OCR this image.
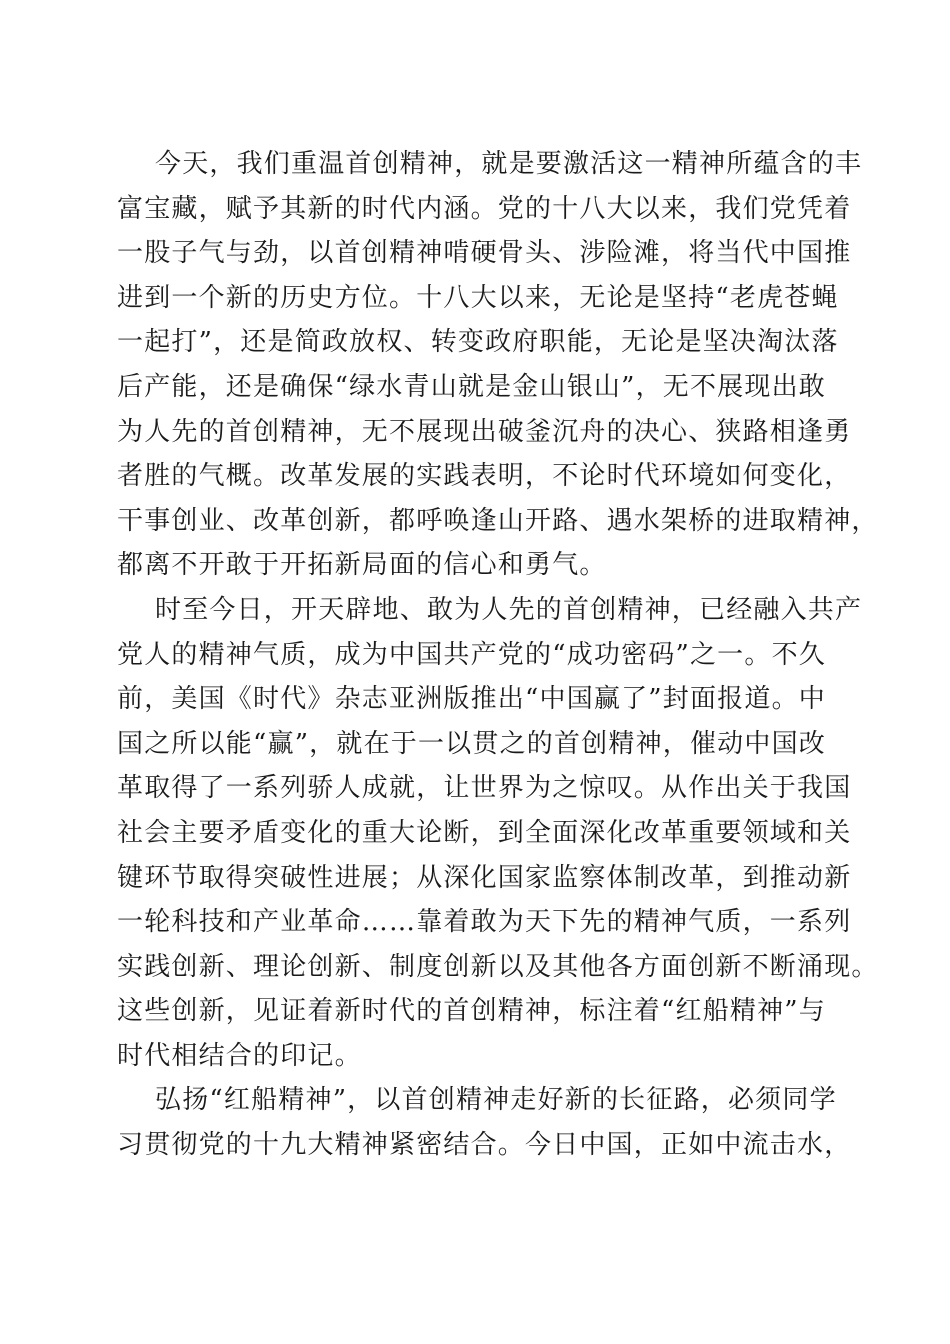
今天，我们重温首创精神，就是要激活这一精神所蕴含的丰
富宝藏，赋予其新的时代内涵。党的十八大以来，我们党凭着
一股子气与劲，以首创精神啃硬骨头、涉险滩，将当代中国推
进到一个新的历史方位。十八大以来，无论是坚持“老虎苍蝇
一起打”，还是简政放权、转变政府职能，无论是坚决淘汰落
后产能，还是确保“绿水青山就是金山银山”，无不展现出敢
为人先的首创精神，无不展现出破釜沉舟的决心、狭路相逢勇
者胜的气概。改革发展的实践表明，不论时代环境如何变化，
干事创业、改革创新，都呼唤逢山开路、遇水架桥的进取精神，
都离不开敢于开拓新局面的信心和勇气。
时至今日，开天辟地、敢为人先的首创精神，已经融入共产
党人的精神气质，成为中国共产党的“成功密码”之一。不久
前，美国《时代》杂志亚洲版推出“中国赢了”封面报道。中
国之所以能“赢”，就在于一以贯之的首创精神，催动中国改
革取得了一系列骄人成就，让世界为之惊叹。从作出关于我国
社会主要矛盾变化的重大论断，到全面深化改革重要领域和关
键环节取得突破性进展；从深化国家监察体制改革，到推动新
一轮科技和产业革命……靠着敢为天下先的精神气质，一系列
实践创新、理论创新、制度创新以及其他各方面创新不断涌现。
这些创新，见证着新时代的首创精神，标注着“红船精神”与
时代相结合的印记。
弘扬“红船精神”，以首创精神走好新的长征路，必须同学
习贯彻党的十九大精神紧密结合。今日中国，正如中流击水，
